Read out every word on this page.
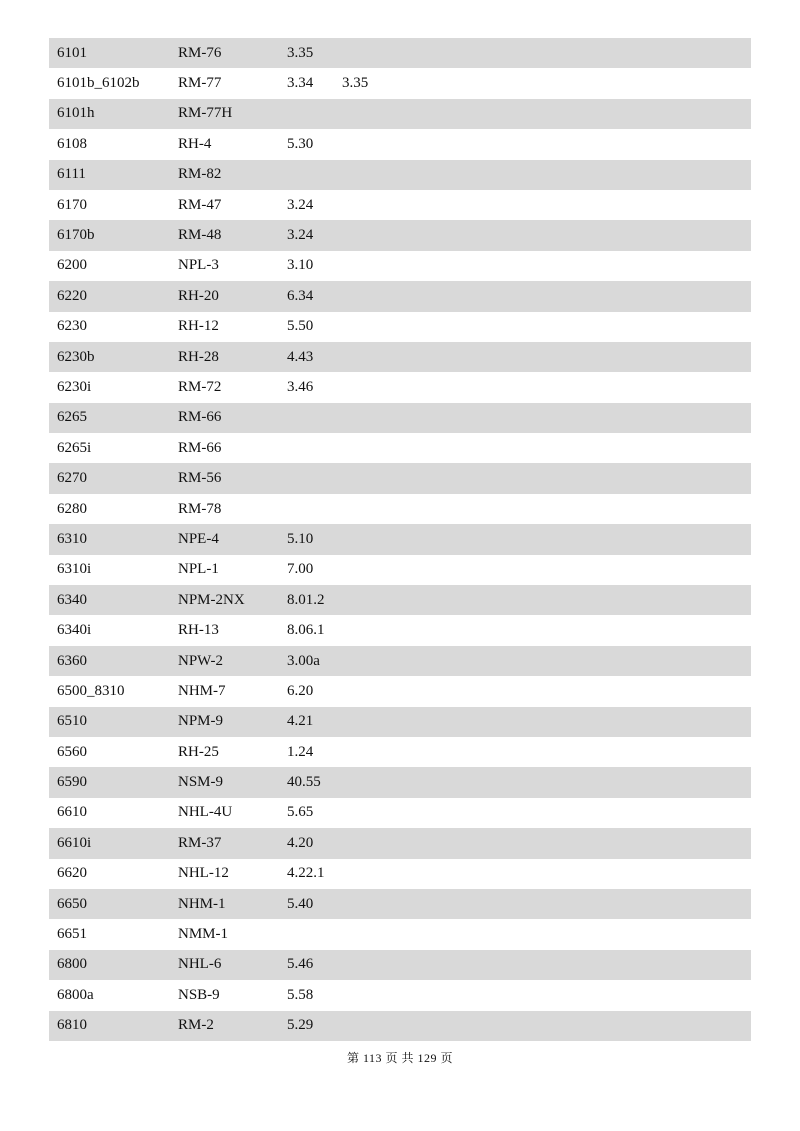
6101	RM-76	3.35
6101b_6102b	RM-77	3.34	3.35
6101h	RM-77H
6108	RH-4	5.30
6111	RM-82
6170	RM-47	3.24
6170b	RM-48	3.24
6200	NPL-3	3.10
6220	RH-20	6.34
6230	RH-12	5.50
6230b	RH-28	4.43
6230i	RM-72	3.46
6265	RM-66
6265i	RM-66
6270	RM-56
6280	RM-78
6310	NPE-4	5.10
6310i	NPL-1	7.00
6340	NPM-2NX	8.01.2
6340i	RH-13	8.06.1
6360	NPW-2	3.00a
6500_8310	NHM-7	6.20
6510	NPM-9	4.21
6560	RH-25	1.24
6590	NSM-9	40.55
6610	NHL-4U	5.65
6610i	RM-37	4.20
6620	NHL-12	4.22.1
6650	NHM-1	5.40
6651	NMM-1
6800	NHL-6	5.46
6800a	NSB-9	5.58
6810	RM-2	5.29
第 113 页 共 129 页
